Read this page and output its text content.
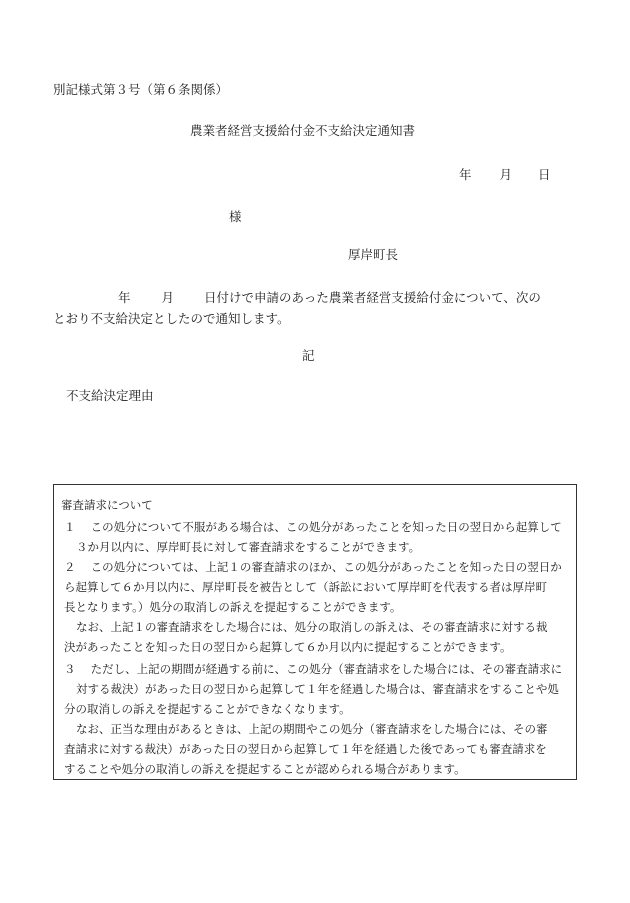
別記様式第３号（第６条関係）
農業者経営支援給付金不支給決定通知書
年 月 日
様
厚岸町長
年 月 日付けで申請のあった農業者経営支援給付金について、次の
とおり不支給決定としたので通知します。
記
不支給決定理由
審査請求について
１　 この処分について不服がある場合は、この処分があったことを知った日の翌日から起算して
３か月以内に、厚岸町長に対して審査請求をすることができます。
２　 この処分については、上記１の審査請求のほか、この処分があったことを知った日の翌日か
ら起算して６か月以内に、厚岸町長を被告として（訴訟において厚岸町を代表する者は厚岸町
長となります。）処分の取消しの訴えを提起することができます。
なお、上記１の審査請求をした場合には、処分の取消しの訴えは、その審査請求に対する裁
決があったことを知った日の翌日から起算して６か月以内に提起することができます。
３　 ただし、上記の期間が経過する前に、この処分（審査請求をした場合には、その審査請求に
対する裁決）があった日の翌日から起算して１年を経過した場合は、審査請求をすることや処
分の取消しの訴えを提起することができなくなります。
なお、正当な理由があるときは、上記の期間やこの処分（審査請求をした場合には、その審
査請求に対する裁決）があった日の翌日から起算して１年を経過した後であっても審査請求を
することや処分の取消しの訴えを提起することが認められる場合があります。
